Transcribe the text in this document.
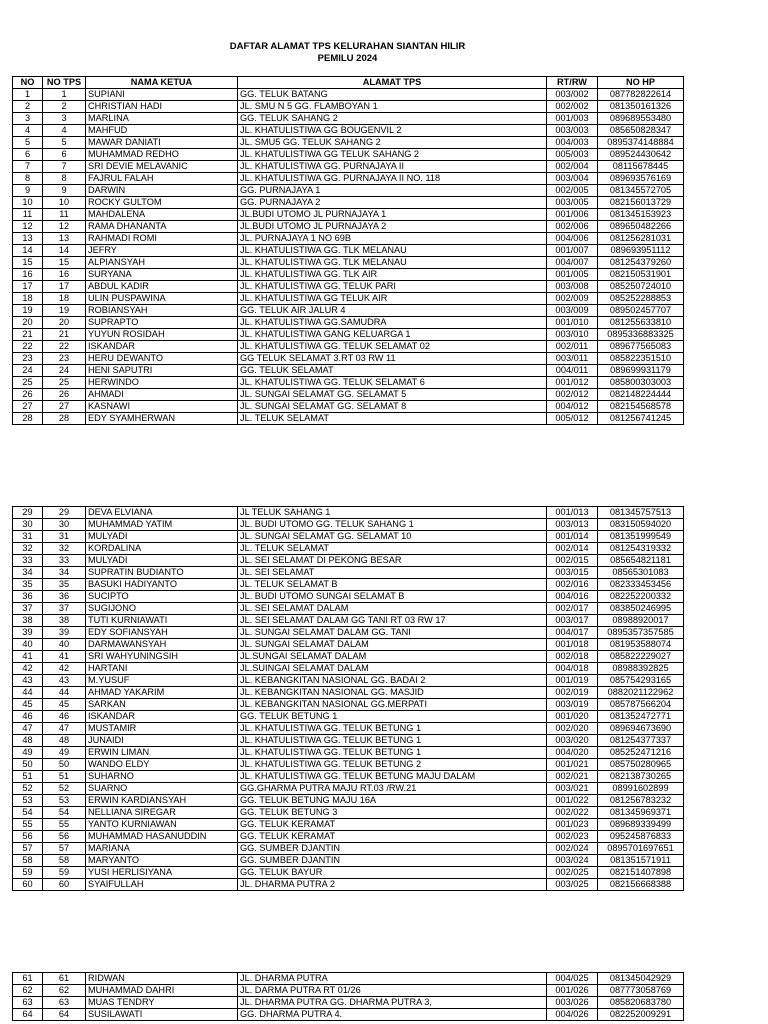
DAFTAR ALAMAT TPS KELURAHAN SIANTAN HILIR
PEMILU 2024
NO	NO TPS	NAMA KETUA	ALAMAT TPS	RT/RW	NO HP
1	1	SUPIANI	GG. TELUK BATANG	003/002	087782822614
2	2	CHRISTIAN HADI	JL. SMU N 5 GG. FLAMBOYAN 1	002/002	081350161326
3	3	MARLINA	GG. TELUK SAHANG 2	001/003	089689553480
4	4	MAHFUD	JL. KHATULISTIWA GG BOUGENVIL 2	003/003	085650828347
5	5	MAWAR DANIATI	JL. SMU5 GG. TELUK SAHANG 2	004/003	0895374148884
6	6	MUHAMMAD REDHO	JL. KHATULISTIWA GG TELUK SAHANG 2	005/003	089524430642
7	7	SRI DEVIE MELAVANIC	JL. KHATULISTIWA GG. PURNAJAYA II	002/004	08115678445
8	8	FAJRUL FALAH	JL. KHATULISTIWA GG. PURNAJAYA II NO. 118	003/004	089693576169
9	9	DARWIN	GG. PURNAJAYA 1	002/005	081345572705
10	10	ROCKY GULTOM	GG. PURNAJAYA 2	003/005	082156013729
11	11	MAHDALENA	JL.BUDI UTOMO JL PURNAJAYA 1	001/006	081345153923
12	12	RAMA DHANANTA	JL.BUDI UTOMO JL PURNAJAYA 2	002/006	089650482266
13	13	RAHMADI ROMI	JL. PURNAJAYA 1 NO 69B	004/006	081256281031
14	14	JEFRY	JL. KHATULISTIWA GG. TLK MELANAU	001/007	089693951112
15	15	ALPIANSYAH	JL. KHATULISTIWA GG. TLK MELANAU	004/007	081254379260
16	16	SURYANA	JL. KHATULISTIWA GG. TLK AIR	001/005	082150531901
17	17	ABDUL KADIR	JL. KHATULISTIWA GG. TELUK PARI	003/008	085250724010
18	18	ULIN PUSPAWINA	JL. KHATULISTIWA GG TELUK AIR	002/009	085252288853
19	19	ROBIANSYAH	GG. TELUK AIR JALUR 4	003/009	089502457707
20	20	SUPRAPTO	JL. KHATULISTIWA GG.SAMUDRA	001/010	081255633810
21	21	YUYUN ROSIDAH	JL. KHATULISTIWA GANG KELUARGA 1	003/010	0895336883325
22	22	ISKANDAR	JL. KHATULISTIWA GG. TELUK SELAMAT 02	002/011	089677565083
23	23	HERU DEWANTO	GG TELUK SELAMAT 3.RT 03 RW 11	003/011	085822351510
24	24	HENI SAPUTRI	GG. TELUK SELAMAT	004/011	089699931179
25	25	HERWINDO	JL. KHATULISTIWA GG. TELUK SELAMAT 6	001/012	085800303003
26	26	AHMADI	JL. SUNGAI SELAMAT GG. SELAMAT 5	002/012	082148224444
27	27	KASNAWI	JL. SUNGAI SELAMAT GG. SELAMAT 8	004/012	082154568578
28	28	EDY SYAMHERWAN	JL. TELUK SELAMAT	005/012	081256741245
29	29	DEVA ELVIANA	JL TELUK SAHANG 1	001/013	081345757513
30	30	MUHAMMAD YATIM	JL. BUDI UTOMO GG. TELUK SAHANG 1	003/013	083150594020
31	31	MULYADI	JL. SUNGAI SELAMAT GG. SELAMAT 10	001/014	081351999549
32	32	KORDALINA	JL. TELUK SELAMAT	002/014	081254319332
33	33	MULYADI	JL. SEI SELAMAT DI PEKONG BESAR	002/015	085654821181
34	34	SUPRATIN BUDIANTO	JL. SEI SELAMAT	003/015	08565301083
35	35	BASUKI HADIYANTO	JL. TELUK SELAMAT B	002/016	082333453456
36	36	SUCIPTO	JL. BUDI UTOMO SUNGAI SELAMAT B	004/016	082252200332
37	37	SUGIJONO	JL. SEI SELAMAT DALAM	002/017	083850246995
38	38	TUTI KURNIAWATI	JL. SEI SELAMAT DALAM GG TANI RT 03 RW 17	003/017	08988920017
39	39	EDY SOFIANSYAH	JL. SUNGAI SELAMAT DALAM GG. TANI	004/017	0895357357585
40	40	DARMAWANSYAH	JL. SUNGAI SELAMAT DALAM	001/018	081953588074
41	41	SRI WAHYUNINGSIH	JL.SUNGAI SELAMAT DALAM	002/018	085822229027
42	42	HARTANI	JL.SUINGAI SELAMAT DALAM	004/018	08988392825
43	43	M.YUSUF	JL. KEBANGKITAN NASIONAL GG. BADAI 2	001/019	085754293165
44	44	AHMAD YAKARIM	JL. KEBANGKITAN NASIONAL GG. MASJID	002/019	0882021122962
45	45	SARKAN	JL. KEBANGKITAN NASIONAL GG.MERPATI	003/019	085787566204
46	46	ISKANDAR	GG. TELUK BETUNG 1	001/020	081352472771
47	47	MUSTAMIR	JL. KHATULISTIWA GG. TELUK BETUNG 1	002/020	089694673690
48	48	JUNAIDI	JL. KHATULISTIWA GG. TELUK BETUNG 1	003/020	081254377337
49	49	ERWIN LIMAN	JL. KHATULISTIWA GG. TELUK BETUNG 1	004/020	085252471216
50	50	WANDO ELDY	JL. KHATULISTIWA GG. TELUK BETUNG 2	001/021	085750280965
51	51	SUHARNO	JL. KHATULISTIWA GG. TELUK BETUNG MAJU DALAM	002/021	082138730265
52	52	SUARNO	GG.GHARMA PUTRA MAJU RT.03 /RW.21	003/021	08991602899
53	53	ERWIN KARDIANSYAH	GG. TELUK BETUNG MAJU 16A	001/022	081256783232
54	54	NELLIANA SIREGAR	GG. TELUK BETUNG 3	002/022	081345969371
55	55	YANTO KURNIAWAN	GG. TELUK KERAMAT	001/023	089689339499
56	56	MUHAMMAD HASANUDDIN	GG. TELUK KERAMAT	002/023	095245876833
57	57	MARIANA	GG. SUMBER DJANTIN	002/024	0895701697651
58	58	MARYANTO	GG. SUMBER DJANTIN	003/024	081351571911
59	59	YUSI HERLISIYANA	GG. TELUK BAYUR	002/025	082151407898
60	60	SYAIFULLAH	JL. DHARMA PUTRA 2	003/025	082156668388
61	61	RIDWAN	JL. DHARMA PUTRA	004/025	081345042929
62	62	MUHAMMAD DAHRI	JL. DARMA PUTRA RT 01/26	001/026	087773058769
63	63	MUAS TENDRY	JL. DHARMA PUTRA GG. DHARMA PUTRA 3,	003/026	085820683780
64	64	SUSILAWATI	GG. DHARMA PUTRA 4.	004/026	082252009291
